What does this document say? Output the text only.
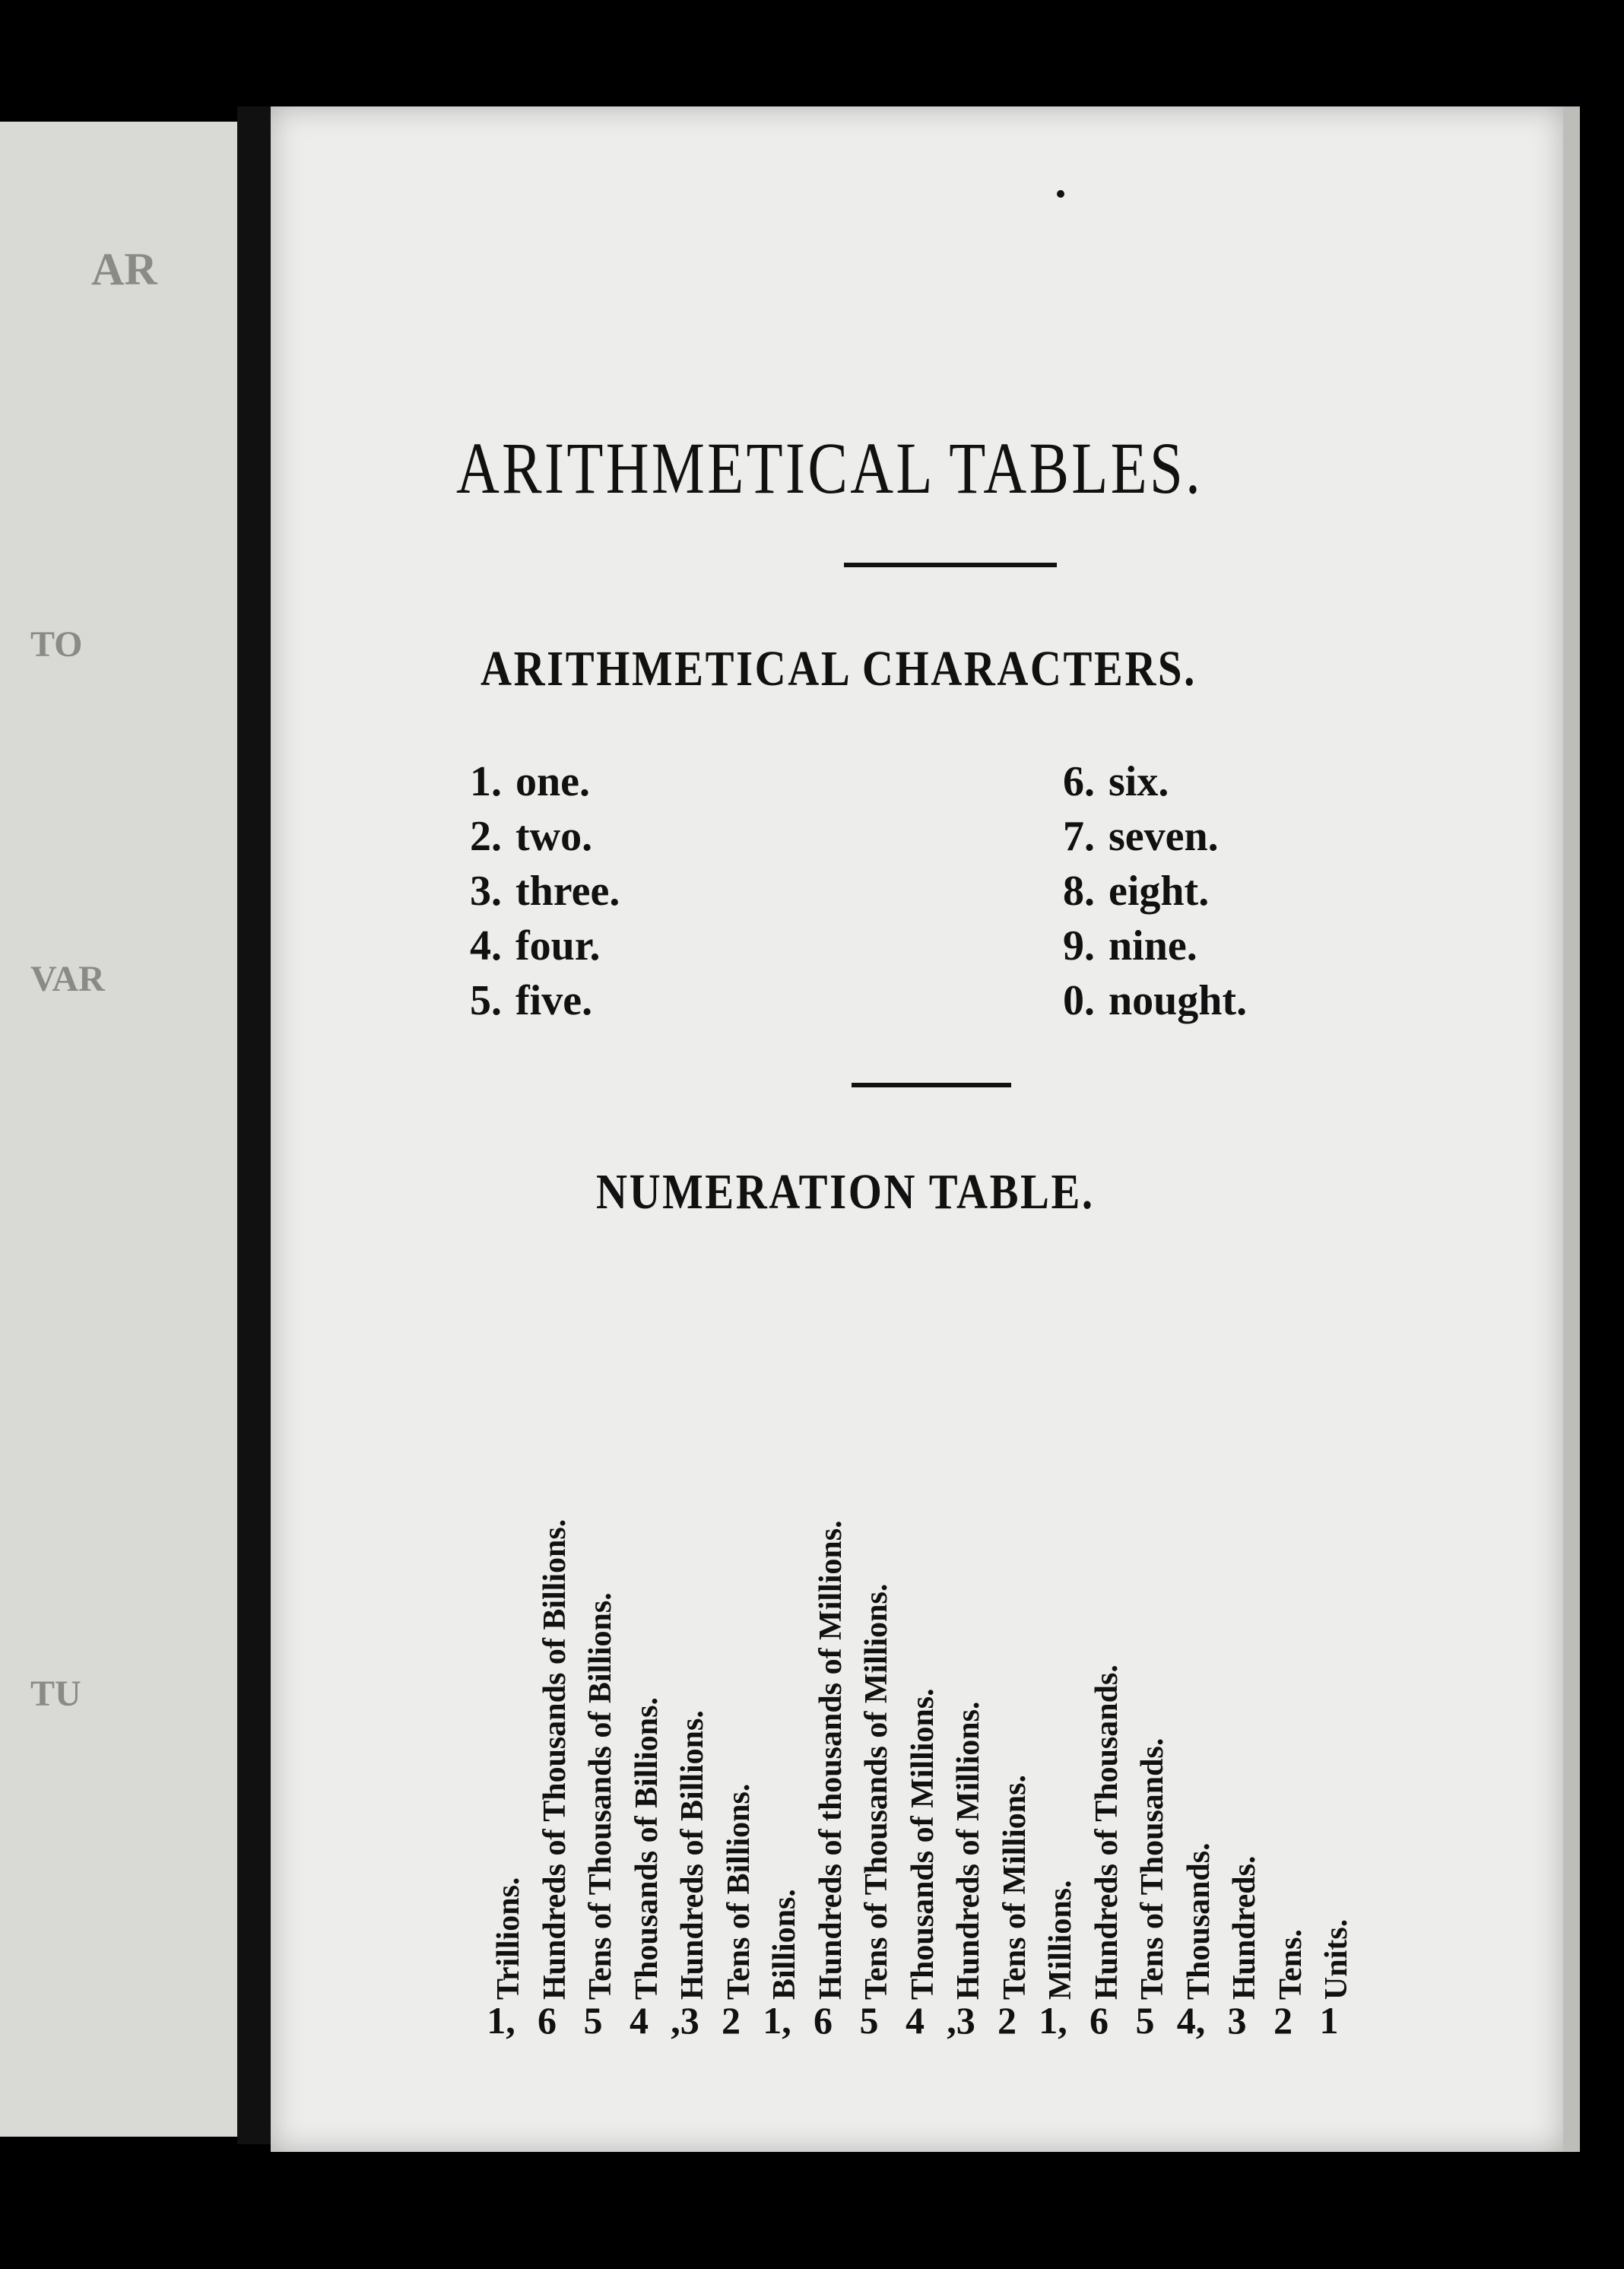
AR
TO
VAR
TU
ARITHMETICAL TABLES.
ARITHMETICAL CHARACTERS.
1. one.
2. two.
3. three.
4. four.
5. five.
6. six.
7. seven.
8. eight.
9. nine.
0. nought.
NUMERATION TABLE.
Trillions. Hundreds of Thousands of Billions. Tens of Thousands of Billions. Thousands of Billions. Hundreds of Billions. Tens of Billions. Billions. Hundreds of thousands of Millions. Tens of Thousands of Millions. Thousands of Millions. Hundreds of Millions. Tens of Millions. Millions. Hundreds of Thousands. Tens of Thousands. Thousands. Hundreds. Tens. Units.
1, 6 5 4 ,3 2 1, 6 5 4 ,3 2 1, 6 5 4, 3 2 1
